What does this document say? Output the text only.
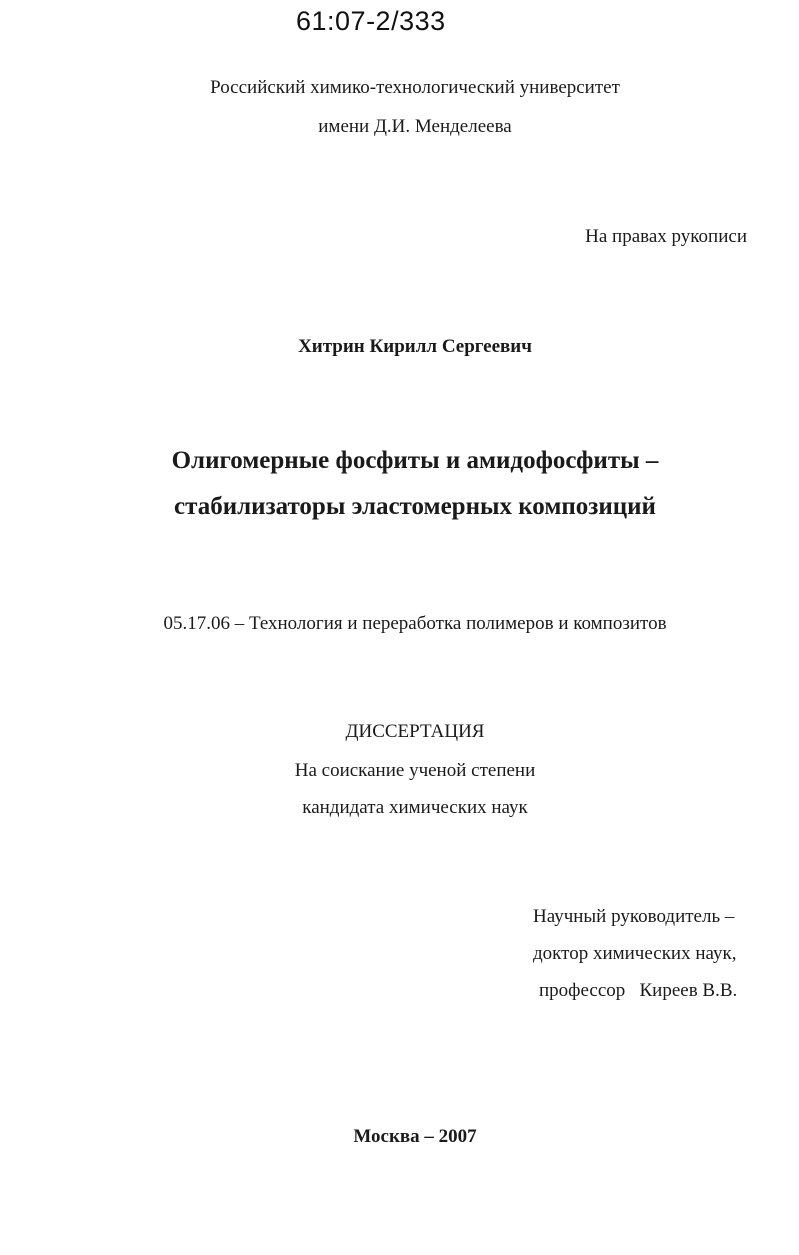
61:07-2/333
Российский химико-технологический университет
имени Д.И. Менделеева
На правах рукописи
Хитрин Кирилл Сергеевич
Олигомерные фосфиты и амидофосфиты –
стабилизаторы эластомерных композиций
05.17.06 – Технология и переработка полимеров и композитов
ДИССЕРТАЦИЯ
На соискание ученой степени
кандидата химических наук
Научный руководитель –
доктор химических наук,
профессор   Киреев В.В.
Москва – 2007
